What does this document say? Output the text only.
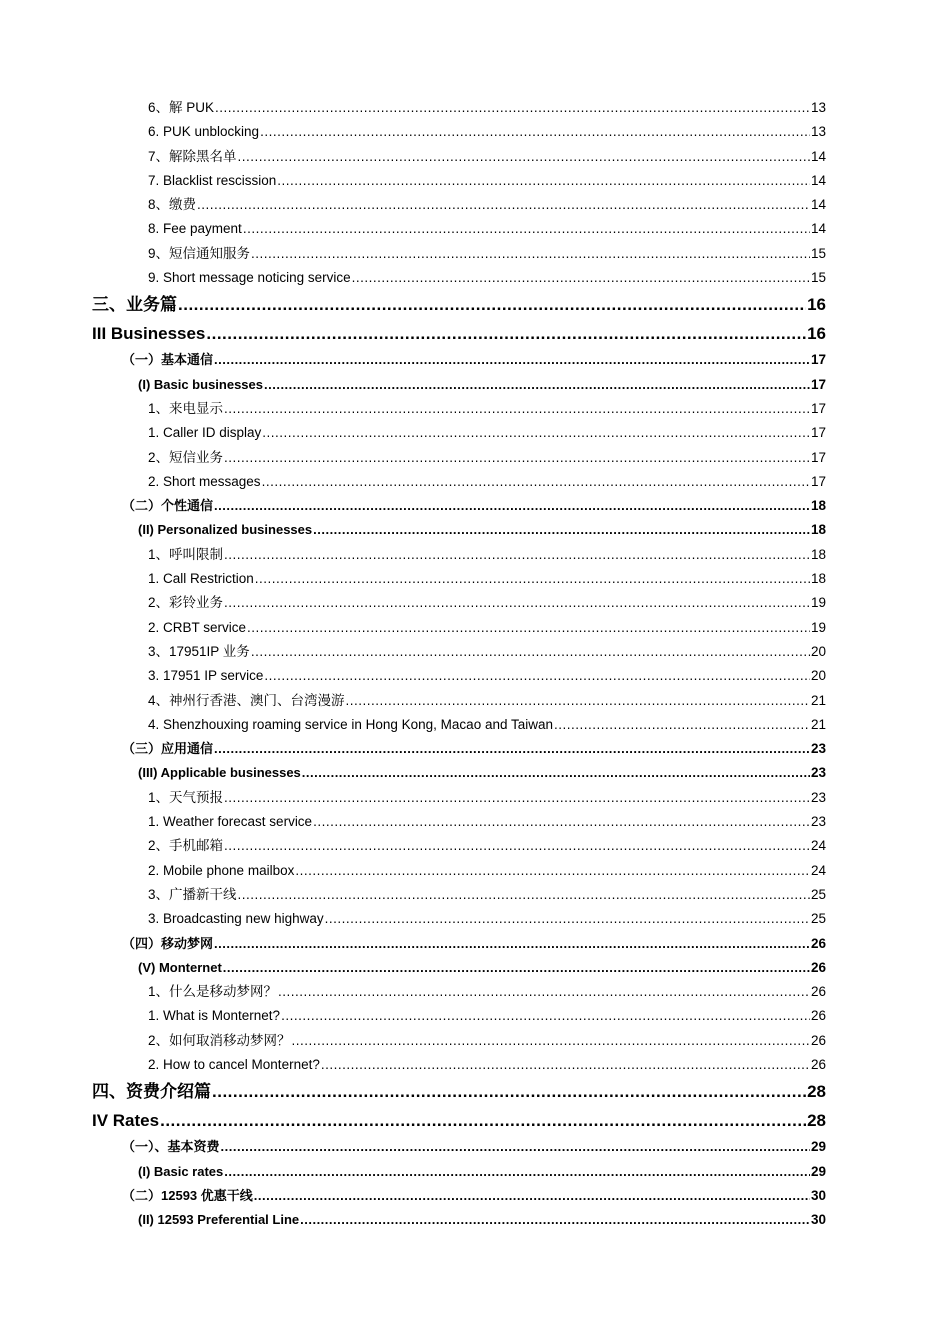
6、解 PUK .....	13
6. PUK unblocking .....	13
7、解除黑名单 .....	14
7. Blacklist rescission .....	14
8、缴费 .....	14
8. Fee payment .....	14
9、短信通知服务 .....	15
9. Short message noticing service .....	15
三、业务篇 .....	16
III Businesses .....	16
（一）基本通信 .....	17
(I) Basic businesses .....	17
1、来电显示 .....	17
1. Caller ID display .....	17
2、短信业务 .....	17
2. Short messages .....	17
（二）个性通信 .....	18
(II) Personalized businesses .....	18
1、呼叫限制 .....	18
1. Call Restriction .....	18
2、彩铃业务 .....	19
2. CRBT service .....	19
3、17951IP 业务 .....	20
3. 17951 IP service .....	20
4、神州行香港、澳门、台湾漫游 .....	21
4. Shenzhouxing roaming service in Hong Kong, Macao and Taiwan .....	21
（三）应用通信 .....	23
(III) Applicable businesses .....	23
1、天气预报 .....	23
1. Weather forecast service .....	23
2、手机邮箱 .....	24
2. Mobile phone mailbox .....	24
3、广播新干线 .....	25
3. Broadcasting new highway .....	25
（四）移动梦网 .....	26
(V) Monternet .....	26
1、什么是移动梦网？ .....	26
1. What is Monternet? .....	26
2、如何取消移动梦网？ .....	26
2. How to cancel Monternet? .....	26
四、资费介绍篇 .....	28
IV Rates .....	28
（一）、基本资费 .....	29
(I) Basic rates .....	29
（二）12593 优惠干线 .....	30
(II) 12593 Preferential Line .....	30
